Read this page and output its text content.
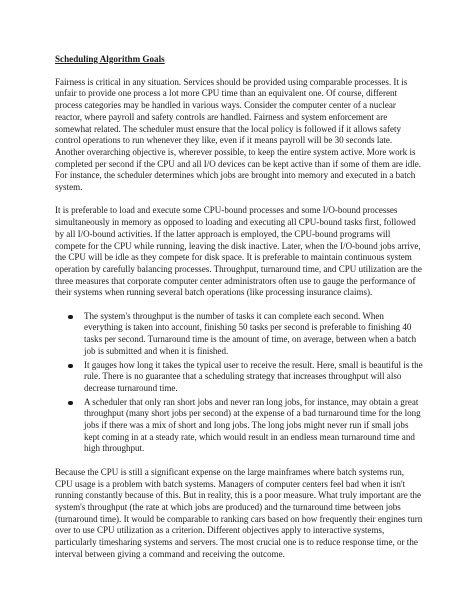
Scheduling Algorithm Goals

Fairness is critical in any situation. Services should be provided using comparable processes. It is unfair to provide one process a lot more CPU time than an equivalent one. Of course, different process categories may be handled in various ways. Consider the computer center of a nuclear reactor, where payroll and safety controls are handled. Fairness and system enforcement are somewhat related. The scheduler must ensure that the local policy is followed if it allows safety control operations to run whenever they like, even if it means payroll will be 30 seconds late. Another overarching objective is, wherever possible, to keep the entire system active. More work is completed per second if the CPU and all I/O devices can be kept active than if some of them are idle. For instance, the scheduler determines which jobs are brought into memory and executed in a batch system.

It is preferable to load and execute some CPU-bound processes and some I/O-bound processes simultaneously in memory as opposed to loading and executing all CPU-bound tasks first, followed by all I/O-bound activities. If the latter approach is employed, the CPU-bound programs will compete for the CPU while running, leaving the disk inactive. Later, when the I/O-bound jobs arrive, the CPU will be idle as they compete for disk space. It is preferable to maintain continuous system operation by carefully balancing processes. Throughput, turnaround time, and CPU utilization are the three measures that corporate computer center administrators often use to gauge the performance of their systems when running several batch operations (like processing insurance claims).

The system's throughput is the number of tasks it can complete each second. When everything is taken into account, finishing 50 tasks per second is preferable to finishing 40 tasks per second. Turnaround time is the amount of time, on average, between when a batch job is submitted and when it is finished.
It gauges how long it takes the typical user to receive the result. Here, small is beautiful is the rule. There is no guarantee that a scheduling strategy that increases throughput will also decrease turnaround time.
A scheduler that only ran short jobs and never ran long jobs, for instance, may obtain a great throughput (many short jobs per second) at the expense of a bad turnaround time for the long jobs if there was a mix of short and long jobs. The long jobs might never run if small jobs kept coming in at a steady rate, which would result in an endless mean turnaround time and high throughput.

Because the CPU is still a significant expense on the large mainframes where batch systems run, CPU usage is a problem with batch systems. Managers of computer centers feel bad when it isn't running constantly because of this. But in reality, this is a poor measure. What truly important are the system's throughput (the rate at which jobs are produced) and the turnaround time between jobs (turnaround time). It would be comparable to ranking cars based on how frequently their engines turn over to use CPU utilization as a criterion. Different objectives apply to interactive systems, particularly timesharing systems and servers. The most crucial one is to reduce response time, or the interval between giving a command and receiving the outcome.
